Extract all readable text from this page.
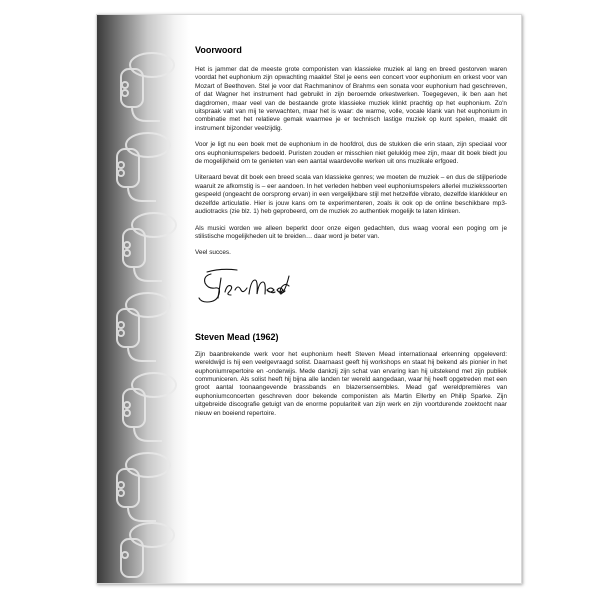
Voorwoord

Het is jammer dat de meeste grote componisten van klassieke muziek al lang en breed gestorven waren voordat het euphonium zijn opwachting maakte! Stel je eens een concert voor euphonium en orkest voor van Mozart of Beethoven. Stel je voor dat Rachmaninov of Brahms een sonata voor euphonium had geschreven, of dat Wagner het instrument had gebruikt in zijn beroemde orkestwerken. Toegegeven, ik ben aan het dagdromen, maar veel van de bestaande grote klassieke muziek klinkt prachtig op het euphonium. Zo'n uitspraak valt van mij te verwachten, maar het is waar: de warme, volle, vocale klank van het euphonium in combinatie met het relatieve gemak waarmee je er technisch lastige muziek op kunt spelen, maakt dit instrument bijzonder veelzijdig.

Voor je ligt nu een boek met de euphonium in de hoofdrol, dus de stukken die erin staan, zijn speciaal voor ons euphoniumspelers bedoeld. Puristen zouden er misschien niet gelukkig mee zijn, maar dit boek biedt jou de mogelijkheid om te genieten van een aantal waardevolle werken uit ons muzikale erfgoed.

Uiteraard bevat dit boek een breed scala van klassieke genres; we moeten de muziek – en dus de stijlperiode waaruit ze afkomstig is – eer aandoen. In het verleden hebben veel euphoniumspelers allerlei muziekssoorten gespeeld (ongeacht de oorsprong ervan) in een vergelijkbare stijl met hetzelfde vibrato, dezelfde klankkleur en dezelfde articulatie. Hier is jouw kans om te experimenteren, zoals ik ook op de online beschikbare mp3-audiotracks (zie blz. 1) heb geprobeerd, om de muziek zo authentiek mogelijk te laten klinken.

Als musici worden we alleen beperkt door onze eigen gedachten, dus waag vooral een poging om je stilistische mogelijkheden uit te breiden… daar word je beter van.

Veel succes.

Steven Mead (1962)

Zijn baanbrekende werk voor het euphonium heeft Steven Mead internationaal erkenning opgeleverd: wereldwijd is hij een veelgevraagd solist. Daarnaast geeft hij workshops en staat hij bekend als pionier in het euphoniumrepertoire en -onderwijs. Mede dankzij zijn schat van ervaring kan hij uitstekend met zijn publiek communiceren. Als solist heeft hij bijna alle landen ter wereld aangedaan, waar hij heeft opgetreden met een groot aantal toonaangevende brassbands en blazersensembles. Mead gaf wereldpremières van euphoniumconcerten geschreven door bekende componisten als Martin Ellerby en Philip Sparke. Zijn uitgebreide discografie getuigt van de enorme populariteit van zijn werk en zijn voortdurende zoektocht naar nieuw en boeiend repertoire.
